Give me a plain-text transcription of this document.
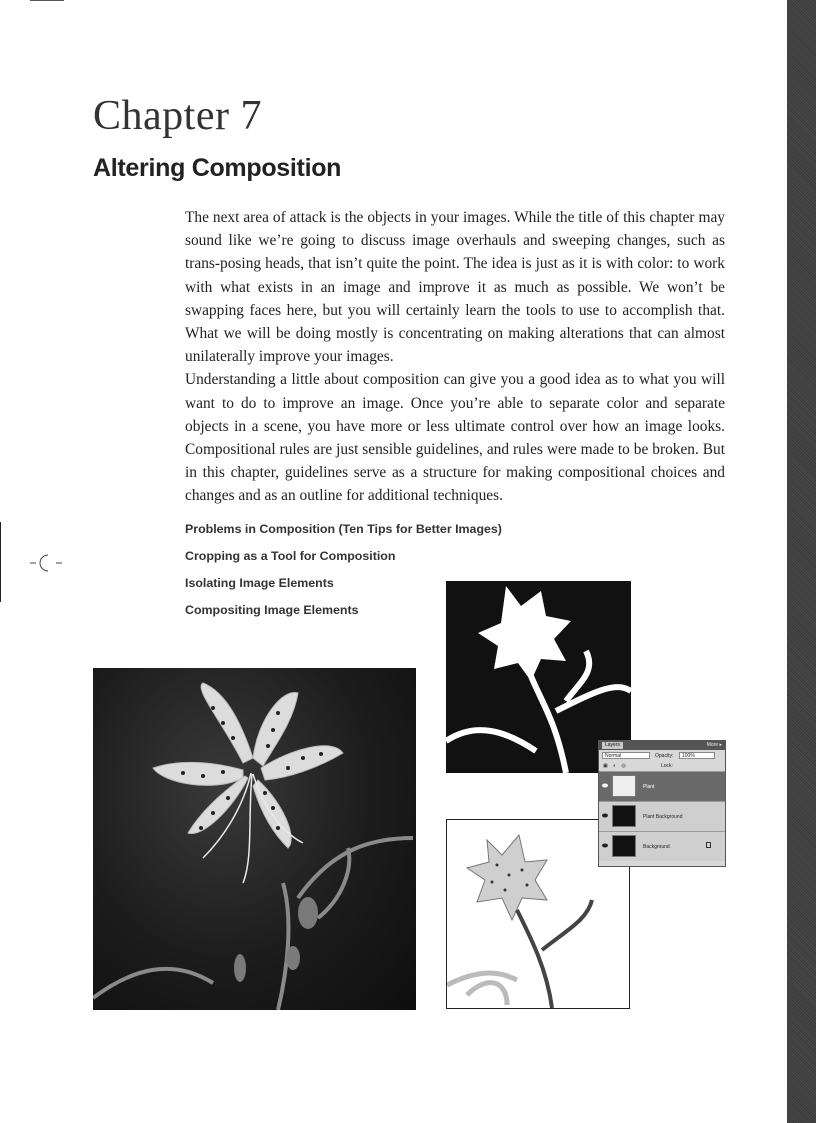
Chapter 7
Altering Composition

The next area of attack is the objects in your images. While the title of this chapter may sound like we’re going to discuss image overhauls and sweeping changes, such as trans-posing heads, that isn’t quite the point. The idea is just as it is with color: to work with what exists in an image and improve it as much as possible. We won’t be swapping faces here, but you will certainly learn the tools to use to accomplish that. What we will be doing mostly is concentrating on making alterations that can almost unilaterally improve your images.

Understanding a little about composition can give you a good idea as to what you will want to do to improve an image. Once you’re able to separate color and separate objects in a scene, you have more or less ultimate control over how an image looks. Compositional rules are just sensible guidelines, and rules were made to be broken. But in this chapter, guidelines serve as a structure for making compositional choices and changes and as an outline for additional techniques.

Problems in Composition (Ten Tips for Better Images)
Cropping as a Tool for Composition
Isolating Image Elements
Compositing Image Elements
Layers	More ▸
Normal	Opacity:	100%
▣ ◐ ◎	Lock:
Plant
Plant Background
Background
